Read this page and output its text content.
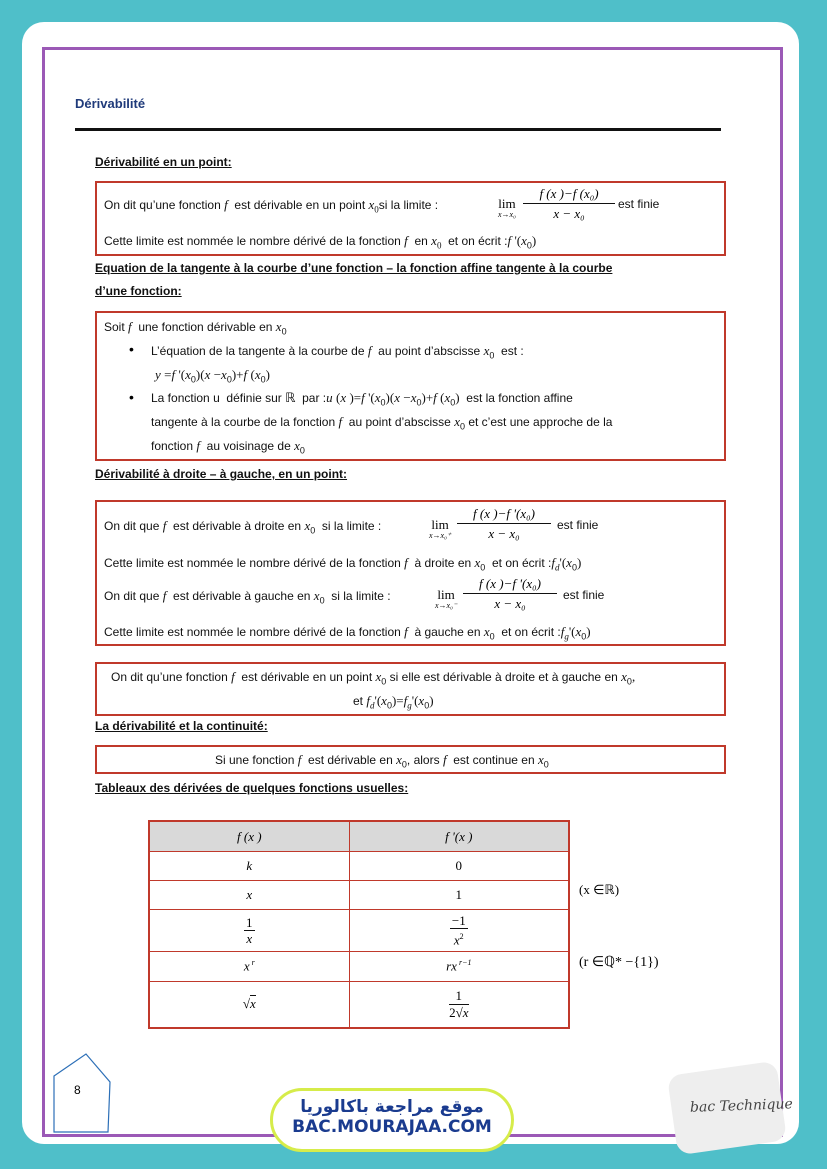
Dérivabilité
Dérivabilité en un point:
On dit qu’une fonction f est dérivable en un point $x_0si$ la limite :	lim
$x\to x_0 \frac{\text{f (x )−f (x₀)}}{\text{x − x₀}}$ est finie
Cette limite est nommée le nombre dérivé de la fonction f en $x_0$ et on écrit :f '$(x_0)$
Equation de la tangente à la courbe d’une fonction – la fonction affine tangente à la courbe
d’une fonction:
Soit f une fonction dérivable en $x_0$
• L’équation de la tangente à la courbe de f au point d’abscisse $x_0$ est :
y =f '$(x_0)(x -x_0)+f$ $(x_0)$
• La fonction u définie sur ℝ par :u (x )=f '$(x_0)(x -x_0)+f$ $(x_0)$ est la fonction affine
tangente à la courbe de la fonction f au point d’abscisse $x_0$ et c’est une approche de la
fonction f au voisinage de $x_0$
Dérivabilité à droite – à gauche, en un point:
On dit que f est dérivable à droite en $x_0$ si la limite :	lim
$x\to x_0^+ \frac{\text{f (x )−f '(x₀)}}{\text{x − x₀}}$ est finie
Cette limite est nommée le nombre dérivé de la fonction f à droite en $x_0$ et on écrit $:f_d'(x_0)$
On dit que f est dérivable à gauche en $x_0$ si la limite :	lim
$x\to x_0^- \frac{\text{f (x )−f '(x₀)}}{\text{x − x₀}}$ est finie
Cette limite est nommée le nombre dérivé de la fonction f à gauche en $x_0$ et on écrit $:f_g'(x_0)$
On dit qu’une fonction f est dérivable en un point $x_0$ si elle est dérivable à droite et à gauche en $x_0$,
et $f_d'(x_0)=f_g'(x_0)$
La dérivabilité et la continuité:
Si une fonction f est dérivable en $x_0$, alors f est continue en $x_0$
Tableaux des dérivées de quelques fonctions usuelles:
f (x )	f '(x )
k	0
x	1

$\frac{1}{x}$	$\frac{-1}{x^2}$

x $^r$	rx $^{r-1}$
√x	$\frac{1}{2√x}$
(x ∈ℝ)
(r ∈ℚ* −{1})
8
موقع مراجعة باكالوريا
BAC.MOURAJAA.COM
bac Technique
